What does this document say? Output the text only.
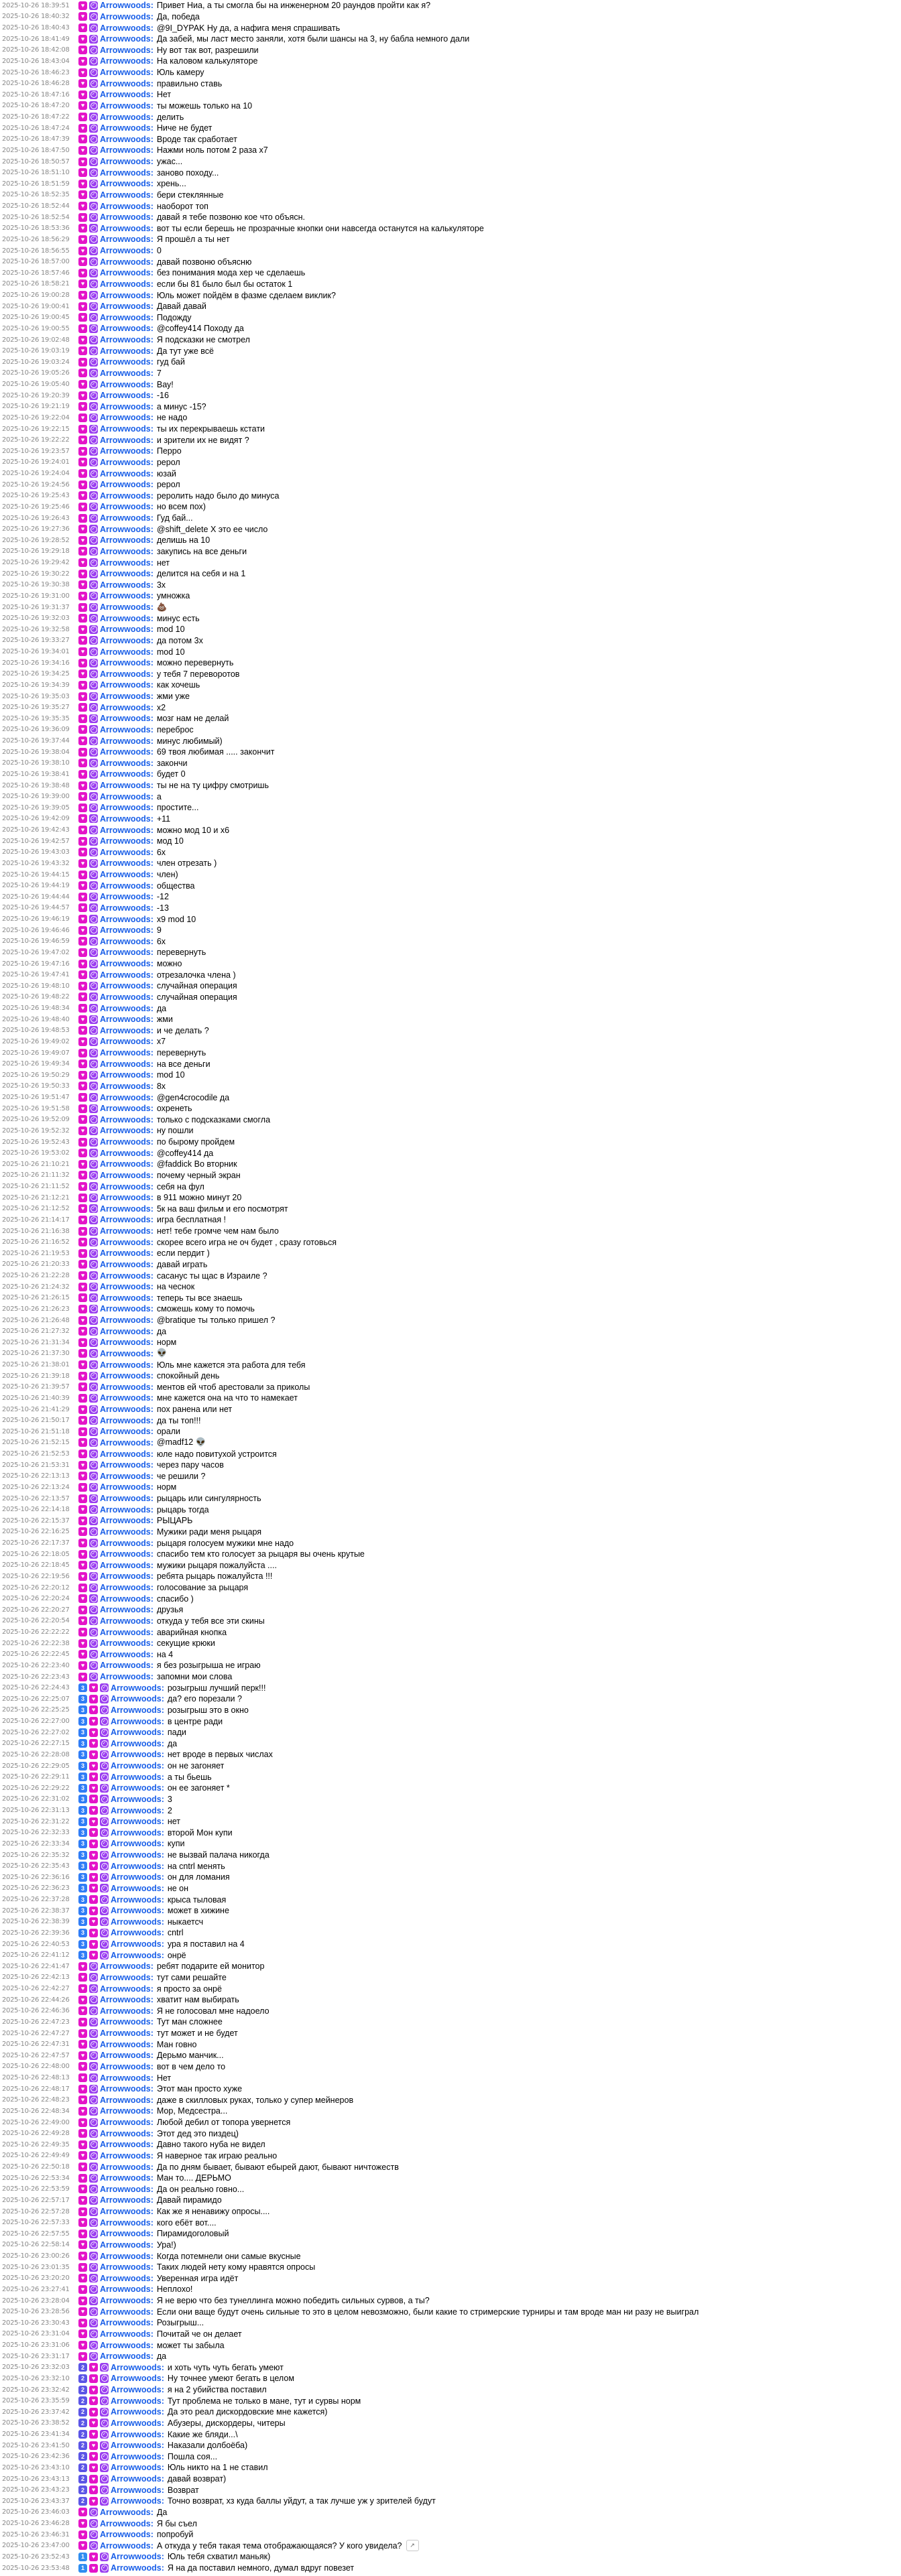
2025-10-26 18:39:51	♥	✓ Arrowwoods: Привет Ниа, а ты смогла бы на инженерном 20 раундов пройти как я?
2025-10-26 18:40:32	♥	✓ Arrowwoods: Да, победа
2025-10-26 18:40:43	♥	✓ Arrowwoods: @9I_DYPAK Ну да, а нафига меня спрашивать
2025-10-26 18:41:49	♥	✓ Arrowwoods: Да забей, мы ласт место заняли, хотя были шансы на 3, ну бабла немного дали
2025-10-26 18:42:08	♥	✓ Arrowwoods: Ну вот так вот, разрешили
2025-10-26 18:43:04	♥	✓ Arrowwoods: На каловом калькуляторе
2025-10-26 18:46:23	♥	✓ Arrowwoods: Юль камеру
2025-10-26 18:46:28	♥	✓ Arrowwoods: правильно ставь
2025-10-26 18:47:16	♥	✓ Arrowwoods: Нет
2025-10-26 18:47:20	♥	✓ Arrowwoods: ты можешь только на 10
2025-10-26 18:47:22	♥	✓ Arrowwoods: делить
2025-10-26 18:47:24	♥	✓ Arrowwoods: Ниче не будет
2025-10-26 18:47:39	♥	✓ Arrowwoods: Вроде так сработает
2025-10-26 18:47:50	♥	✓ Arrowwoods: Нажми ноль потом 2 раза x7
2025-10-26 18:50:57	♥	✓ Arrowwoods: ужас...
2025-10-26 18:51:10	♥	✓ Arrowwoods: заново походу...
2025-10-26 18:51:59	♥	✓ Arrowwoods: хрень...
2025-10-26 18:52:35	♥	✓ Arrowwoods: бери стеклянные
2025-10-26 18:52:44	♥	✓ Arrowwoods: наоборот топ
2025-10-26 18:52:54	♥	✓ Arrowwoods: давай я тебе позвоню кое что объясн.
2025-10-26 18:53:36	♥	✓ Arrowwoods: вот ты если берешь не прозрачные кнопки они навсегда останутся на калькуляторе
2025-10-26 18:56:29	♥	✓ Arrowwoods: Я прошёл а ты нет
2025-10-26 18:56:55	♥	✓ Arrowwoods: 0
2025-10-26 18:57:00	♥	✓ Arrowwoods: давай позвоню объясню
2025-10-26 18:57:46	♥	✓ Arrowwoods: без понимания мода хер че сделаешь
2025-10-26 18:58:21	♥	✓ Arrowwoods: если бы 81 было был бы остаток 1
2025-10-26 19:00:28	♥	✓ Arrowwoods: Юль может пойдём в фазме сделаем виклик?
2025-10-26 19:00:41	♥	✓ Arrowwoods: Давай давай
2025-10-26 19:00:45	♥	✓ Arrowwoods: Подожду
2025-10-26 19:00:55	♥	✓ Arrowwoods: @coffey414 Походу да
2025-10-26 19:02:48	♥	✓ Arrowwoods: Я подсказки не смотрел
2025-10-26 19:03:19	♥	✓ Arrowwoods: Да тут уже всё
2025-10-26 19:03:24	♥	✓ Arrowwoods: гуд бай
2025-10-26 19:05:26	♥	✓ Arrowwoods: 7
2025-10-26 19:05:40	♥	✓ Arrowwoods: Вау!
2025-10-26 19:20:39	♥	✓ Arrowwoods: -16
2025-10-26 19:21:19	♥	✓ Arrowwoods: а минус -15?
2025-10-26 19:22:04	♥	✓ Arrowwoods: не надо
2025-10-26 19:22:15	♥	✓ Arrowwoods: ты их перекрываешь кстати
2025-10-26 19:22:22	♥	✓ Arrowwoods: и зрители их не видят ?
2025-10-26 19:23:57	♥	✓ Arrowwoods: Перро
2025-10-26 19:24:01	♥	✓ Arrowwoods: рерол
2025-10-26 19:24:04	♥	✓ Arrowwoods: юзай
2025-10-26 19:24:56	♥	✓ Arrowwoods: рерол
2025-10-26 19:25:43	♥	✓ Arrowwoods: реролить надо было до минуса
2025-10-26 19:25:46	♥	✓ Arrowwoods: но всем пох)
2025-10-26 19:26:43	♥	✓ Arrowwoods: Гуд бай...
2025-10-26 19:27:36	♥	✓ Arrowwoods: @shift_delete X это ее число
2025-10-26 19:28:52	♥	✓ Arrowwoods: делишь на 10
2025-10-26 19:29:18	♥	✓ Arrowwoods: закупись на все деньги
2025-10-26 19:29:42	♥	✓ Arrowwoods: нет
2025-10-26 19:30:22	♥	✓ Arrowwoods: делится на себя и на 1
2025-10-26 19:30:38	♥	✓ Arrowwoods: 3x
2025-10-26 19:31:00	♥	✓ Arrowwoods: умножка
2025-10-26 19:31:37	♥	✓ Arrowwoods: 💩
2025-10-26 19:32:03	♥	✓ Arrowwoods: минус есть
2025-10-26 19:32:58	♥	✓ Arrowwoods: mod 10
2025-10-26 19:33:27	♥	✓ Arrowwoods: да потом 3x
2025-10-26 19:34:01	♥	✓ Arrowwoods: mod 10
2025-10-26 19:34:16	♥	✓ Arrowwoods: можно перевернуть
2025-10-26 19:34:25	♥	✓ Arrowwoods: у тебя 7 переворотов
2025-10-26 19:34:39	♥	✓ Arrowwoods: как хочешь
2025-10-26 19:35:03	♥	✓ Arrowwoods: жми уже
2025-10-26 19:35:27	♥	✓ Arrowwoods: x2
2025-10-26 19:35:35	♥	✓ Arrowwoods: мозг нам не делай
2025-10-26 19:36:09	♥	✓ Arrowwoods: переброс
2025-10-26 19:37:44	♥	✓ Arrowwoods: минус любимый)
2025-10-26 19:38:04	♥	✓ Arrowwoods: 69 твоя любимая ..... закончит
2025-10-26 19:38:10	♥	✓ Arrowwoods: закончи
2025-10-26 19:38:41	♥	✓ Arrowwoods: будет 0
2025-10-26 19:38:48	♥	✓ Arrowwoods: ты не на ту цифру смотришь
2025-10-26 19:39:00	♥	✓ Arrowwoods: а
2025-10-26 19:39:05	♥	✓ Arrowwoods: простите...
2025-10-26 19:42:09	♥	✓ Arrowwoods: +11
2025-10-26 19:42:43	♥	✓ Arrowwoods: можно мод 10 и x6
2025-10-26 19:42:57	♥	✓ Arrowwoods: мод 10
2025-10-26 19:43:03	♥	✓ Arrowwoods: 6x
2025-10-26 19:43:32	♥	✓ Arrowwoods: член отрезать )
2025-10-26 19:44:15	♥	✓ Arrowwoods: член)
2025-10-26 19:44:19	♥	✓ Arrowwoods: общества
2025-10-26 19:44:44	♥	✓ Arrowwoods: -12
2025-10-26 19:44:57	♥	✓ Arrowwoods: -13
2025-10-26 19:46:19	♥	✓ Arrowwoods: x9 mod 10
2025-10-26 19:46:46	♥	✓ Arrowwoods: 9
2025-10-26 19:46:59	♥	✓ Arrowwoods: 6x
2025-10-26 19:47:02	♥	✓ Arrowwoods: перевернуть
2025-10-26 19:47:16	♥	✓ Arrowwoods: можно
2025-10-26 19:47:41	♥	✓ Arrowwoods: отрезалочка члена )
2025-10-26 19:48:10	♥	✓ Arrowwoods: случайная операция
2025-10-26 19:48:22	♥	✓ Arrowwoods: случайная операция
2025-10-26 19:48:34	♥	✓ Arrowwoods: да
2025-10-26 19:48:40	♥	✓ Arrowwoods: жми
2025-10-26 19:48:53	♥	✓ Arrowwoods: и че делать ?
2025-10-26 19:49:02	♥	✓ Arrowwoods: x7
2025-10-26 19:49:07	♥	✓ Arrowwoods: перевернуть
2025-10-26 19:49:34	♥	✓ Arrowwoods: на все деньги
2025-10-26 19:50:29	♥	✓ Arrowwoods: mod 10
2025-10-26 19:50:33	♥	✓ Arrowwoods: 8x
2025-10-26 19:51:47	♥	✓ Arrowwoods: @gen4crocodile да
2025-10-26 19:51:58	♥	✓ Arrowwoods: охренеть
2025-10-26 19:52:09	♥	✓ Arrowwoods: только с подсказками смогла
2025-10-26 19:52:32	♥	✓ Arrowwoods: ну пошли
2025-10-26 19:52:43	♥	✓ Arrowwoods: по бырому пройдем
2025-10-26 19:53:02	♥	✓ Arrowwoods: @coffey414 да
2025-10-26 21:10:21	♥	✓ Arrowwoods: @faddick Во вторник
2025-10-26 21:11:32	♥	✓ Arrowwoods: почему черный экран
2025-10-26 21:11:52	♥	✓ Arrowwoods: себя на фул
2025-10-26 21:12:21	♥	✓ Arrowwoods: в 911 можно минут 20
2025-10-26 21:12:52	♥	✓ Arrowwoods: 5к на ваш фильм и его посмотрят
2025-10-26 21:14:17	♥	✓ Arrowwoods: игра бесплатная !
2025-10-26 21:16:38	♥	✓ Arrowwoods: нет! тебе громче чем нам было
2025-10-26 21:16:52	♥	✓ Arrowwoods: скорее всего игра не оч будет , сразу готовься
2025-10-26 21:19:53	♥	✓ Arrowwoods: если пердит )
2025-10-26 21:20:33	♥	✓ Arrowwoods: давай играть
2025-10-26 21:22:28	♥	✓ Arrowwoods: сасанус ты щас в Израиле ?
2025-10-26 21:24:32	♥	✓ Arrowwoods: на чеснок
2025-10-26 21:26:15	♥	✓ Arrowwoods: теперь ты все знаешь
2025-10-26 21:26:23	♥	✓ Arrowwoods: сможешь кому то помочь
2025-10-26 21:26:48	♥	✓ Arrowwoods: @bratique ты только пришел ?
2025-10-26 21:27:32	♥	✓ Arrowwoods: да
2025-10-26 21:31:34	♥	✓ Arrowwoods: норм
2025-10-26 21:37:30	♥	✓ Arrowwoods: 👽
2025-10-26 21:38:01	♥	✓ Arrowwoods: Юль мне кажется эта работа для тебя
2025-10-26 21:39:18	♥	✓ Arrowwoods: спокойный день
2025-10-26 21:39:57	♥	✓ Arrowwoods: ментов ей чтоб арестовали за приколы
2025-10-26 21:40:39	♥	✓ Arrowwoods: мне кажется она на что то намекает
2025-10-26 21:41:29	♥	✓ Arrowwoods: пох ранена или нет
2025-10-26 21:50:17	♥	✓ Arrowwoods: да ты топ!!!
2025-10-26 21:51:18	♥	✓ Arrowwoods: орали
2025-10-26 21:52:15	♥	✓ Arrowwoods: @madf12 👽
2025-10-26 21:52:53	♥	✓ Arrowwoods: юле надо повитухой устроится
2025-10-26 21:53:31	♥	✓ Arrowwoods: через пару часов
2025-10-26 22:13:13	♥	✓ Arrowwoods: че решили ?
2025-10-26 22:13:24	♥	✓ Arrowwoods: норм
2025-10-26 22:13:57	♥	✓ Arrowwoods: рыцарь или сингулярность
2025-10-26 22:14:18	♥	✓ Arrowwoods: рыцарь тогда
2025-10-26 22:15:37	♥	✓ Arrowwoods: РЫЦАРЬ
2025-10-26 22:16:25	♥	✓ Arrowwoods: Мужики ради меня рыцаря
2025-10-26 22:17:37	♥	✓ Arrowwoods: рыцаря голосуем мужики мне надо
2025-10-26 22:18:05	♥	✓ Arrowwoods: спасибо тем кто голосует за рыцаря вы очень крутые
2025-10-26 22:18:45	♥	✓ Arrowwoods: мужики рыцаря пожалуйста ....
2025-10-26 22:19:56	♥	✓ Arrowwoods: ребята рыцарь пожалуйста !!!
2025-10-26 22:20:12	♥	✓ Arrowwoods: голосование за рыцаря
2025-10-26 22:20:24	♥	✓ Arrowwoods: спасибо )
2025-10-26 22:20:27	♥	✓ Arrowwoods: друзья
2025-10-26 22:20:54	♥	✓ Arrowwoods: откуда у тебя все эти скины
2025-10-26 22:22:22	♥	✓ Arrowwoods: аварийная кнопка
2025-10-26 22:22:38	♥	✓ Arrowwoods: секущие крюки
2025-10-26 22:22:45	♥	✓ Arrowwoods: на 4
2025-10-26 22:23:40	♥	✓ Arrowwoods: я без розыгрыша не играю
2025-10-26 22:23:43	♥	✓ Arrowwoods: запомни мои слова
2025-10-26 22:24:43	3	♥	✓ Arrowwoods: розыгрыш лучший перк!!!
2025-10-26 22:25:07	3	♥	✓ Arrowwoods: да? его порезали ?
2025-10-26 22:25:25	3	♥	✓ Arrowwoods: розыгрыш это в окно
2025-10-26 22:27:00	3	♥	✓ Arrowwoods: в центре ради
2025-10-26 22:27:02	3	♥	✓ Arrowwoods: пади
2025-10-26 22:27:15	3	♥	✓ Arrowwoods: да
2025-10-26 22:28:08	3	♥	✓ Arrowwoods: нет вроде в первых числах
2025-10-26 22:29:05	3	♥	✓ Arrowwoods: он не загоняет
2025-10-26 22:29:11	3	♥	✓ Arrowwoods: а ты бьешь
2025-10-26 22:29:22	3	♥	✓ Arrowwoods: он ее загоняет *
2025-10-26 22:31:02	3	♥	✓ Arrowwoods: 3
2025-10-26 22:31:13	3	♥	✓ Arrowwoods: 2
2025-10-26 22:31:22	3	♥	✓ Arrowwoods: нет
2025-10-26 22:32:33	3	♥	✓ Arrowwoods: второй Мон купи
2025-10-26 22:33:34	3	♥	✓ Arrowwoods: купи
2025-10-26 22:35:32	3	♥	✓ Arrowwoods: не вызвай палача никогда
2025-10-26 22:35:43	3	♥	✓ Arrowwoods: на cntrl менять
2025-10-26 22:36:16	3	♥	✓ Arrowwoods: он для ломания
2025-10-26 22:36:23	3	♥	✓ Arrowwoods: не он
2025-10-26 22:37:28	3	♥	✓ Arrowwoods: крыса тыловая
2025-10-26 22:38:37	3	♥	✓ Arrowwoods: может в хижине
2025-10-26 22:38:39	3	♥	✓ Arrowwoods: ныкаетсч
2025-10-26 22:39:36	3	♥	✓ Arrowwoods: cntrl
2025-10-26 22:40:53	3	♥	✓ Arrowwoods: ура я поставил на 4
2025-10-26 22:41:12	3	♥	✓ Arrowwoods: онрё
2025-10-26 22:41:47	♥	✓ Arrowwoods: ребят подарите ей монитор
2025-10-26 22:42:13	♥	✓ Arrowwoods: тут сами решайте
2025-10-26 22:42:27	♥	✓ Arrowwoods: я просто за онрё
2025-10-26 22:44:26	♥	✓ Arrowwoods: хватит нам выбирать
2025-10-26 22:46:36	♥	✓ Arrowwoods: Я не голосовал мне надоело
2025-10-26 22:47:23	♥	✓ Arrowwoods: Тут ман сложнее
2025-10-26 22:47:27	♥	✓ Arrowwoods: тут может и не будет
2025-10-26 22:47:31	♥	✓ Arrowwoods: Ман говно
2025-10-26 22:47:57	♥	✓ Arrowwoods: Дерьмо манчик...
2025-10-26 22:48:00	♥	✓ Arrowwoods: вот в чем дело то
2025-10-26 22:48:13	♥	✓ Arrowwoods: Нет
2025-10-26 22:48:17	♥	✓ Arrowwoods: Этот ман просто хуже
2025-10-26 22:48:23	♥	✓ Arrowwoods: даже в скилловых руках, только у супер мейнеров
2025-10-26 22:48:34	♥	✓ Arrowwoods: Мор, Медсестра...
2025-10-26 22:49:00	♥	✓ Arrowwoods: Любой дебил от топора увернется
2025-10-26 22:49:28	♥	✓ Arrowwoods: Этот дед это пиздец)
2025-10-26 22:49:35	♥	✓ Arrowwoods: Давно такого нуба не видел
2025-10-26 22:49:49	♥	✓ Arrowwoods: Я наверное так играю реально
2025-10-26 22:50:18	♥	✓ Arrowwoods: Да по дням бывает, бывают ебырей дают, бывают ничтожеств
2025-10-26 22:53:34	♥	✓ Arrowwoods: Ман то.... ДЕРЬМО
2025-10-26 22:53:59	♥	✓ Arrowwoods: Да он реально говно...
2025-10-26 22:57:17	♥	✓ Arrowwoods: Давай пирамидо
2025-10-26 22:57:28	♥	✓ Arrowwoods: Как же я ненавижу опросы....
2025-10-26 22:57:33	♥	✓ Arrowwoods: кого ебёт вот....
2025-10-26 22:57:55	♥	✓ Arrowwoods: Пирамидоголовый
2025-10-26 22:58:14	♥	✓ Arrowwoods: Ура!)
2025-10-26 23:00:26	♥	✓ Arrowwoods: Когда потемнели они самые вкусные
2025-10-26 23:01:35	♥	✓ Arrowwoods: Таких людей нету кому нравятся опросы
2025-10-26 23:20:20	♥	✓ Arrowwoods: Уверенная игра идёт
2025-10-26 23:27:41	♥	✓ Arrowwoods: Неплохо!
2025-10-26 23:28:04	♥	✓ Arrowwoods: Я не верю что без тунеллинга можно победить сильных сурвов, а ты?
2025-10-26 23:28:56	♥	✓ Arrowwoods: Если они ваще будут очень сильные то это в целом невозможно, были какие то стримерские турниры и там вроде ман ни разу не выиграл
2025-10-26 23:30:43	♥	✓ Arrowwoods: Розыгрыш...
2025-10-26 23:31:04	♥	✓ Arrowwoods: Почитай че он делает
2025-10-26 23:31:06	♥	✓ Arrowwoods: может ты забыла
2025-10-26 23:31:17	♥	✓ Arrowwoods: да
2025-10-26 23:32:03	2	♥	✓ Arrowwoods: и хоть чуть чуть бегать умеют
2025-10-26 23:32:10	2	♥	✓ Arrowwoods: Ну точнее умеют бегать в целом
2025-10-26 23:32:42	2	♥	✓ Arrowwoods: я на 2 убийства поставил
2025-10-26 23:35:59	2	♥	✓ Arrowwoods: Тут проблема не только в мане, тут и сурвы норм
2025-10-26 23:37:42	2	♥	✓ Arrowwoods: Да это реал дискордовские мне кажется)
2025-10-26 23:38:52	2	♥	✓ Arrowwoods: Абузеры, дискордеры, читеры
2025-10-26 23:41:34	2	♥	✓ Arrowwoods: Какие же бляди...\
2025-10-26 23:41:50	2	♥	✓ Arrowwoods: Наказали долбоёба)
2025-10-26 23:42:36	2	♥	✓ Arrowwoods: Пошла соя...
2025-10-26 23:43:10	2	♥	✓ Arrowwoods: Юль никто на 1 не ставил
2025-10-26 23:43:13	2	♥	✓ Arrowwoods: давай возврат)
2025-10-26 23:43:23	2	♥	✓ Arrowwoods: Возврат
2025-10-26 23:43:37	2	♥	✓ Arrowwoods: Точно возврат, хз куда баллы уйдут, а так лучше уж у зрителей будут
2025-10-26 23:46:03	♥	✓ Arrowwoods: Да
2025-10-26 23:46:28	♥	✓ Arrowwoods: Я бы съел
2025-10-26 23:46:31	♥	✓ Arrowwoods: попробуй
2025-10-26 23:47:00	♥	✓ Arrowwoods: А откуда у тебя такая тема отображающаяся? У кого увидела?	↗
2025-10-26 23:52:43	1	♥	✓ Arrowwoods: Юль тебя схватил маньяк)
2025-10-26 23:53:48	1	♥	✓ Arrowwoods: Я на да поставил немного, думал вдруг повезет
